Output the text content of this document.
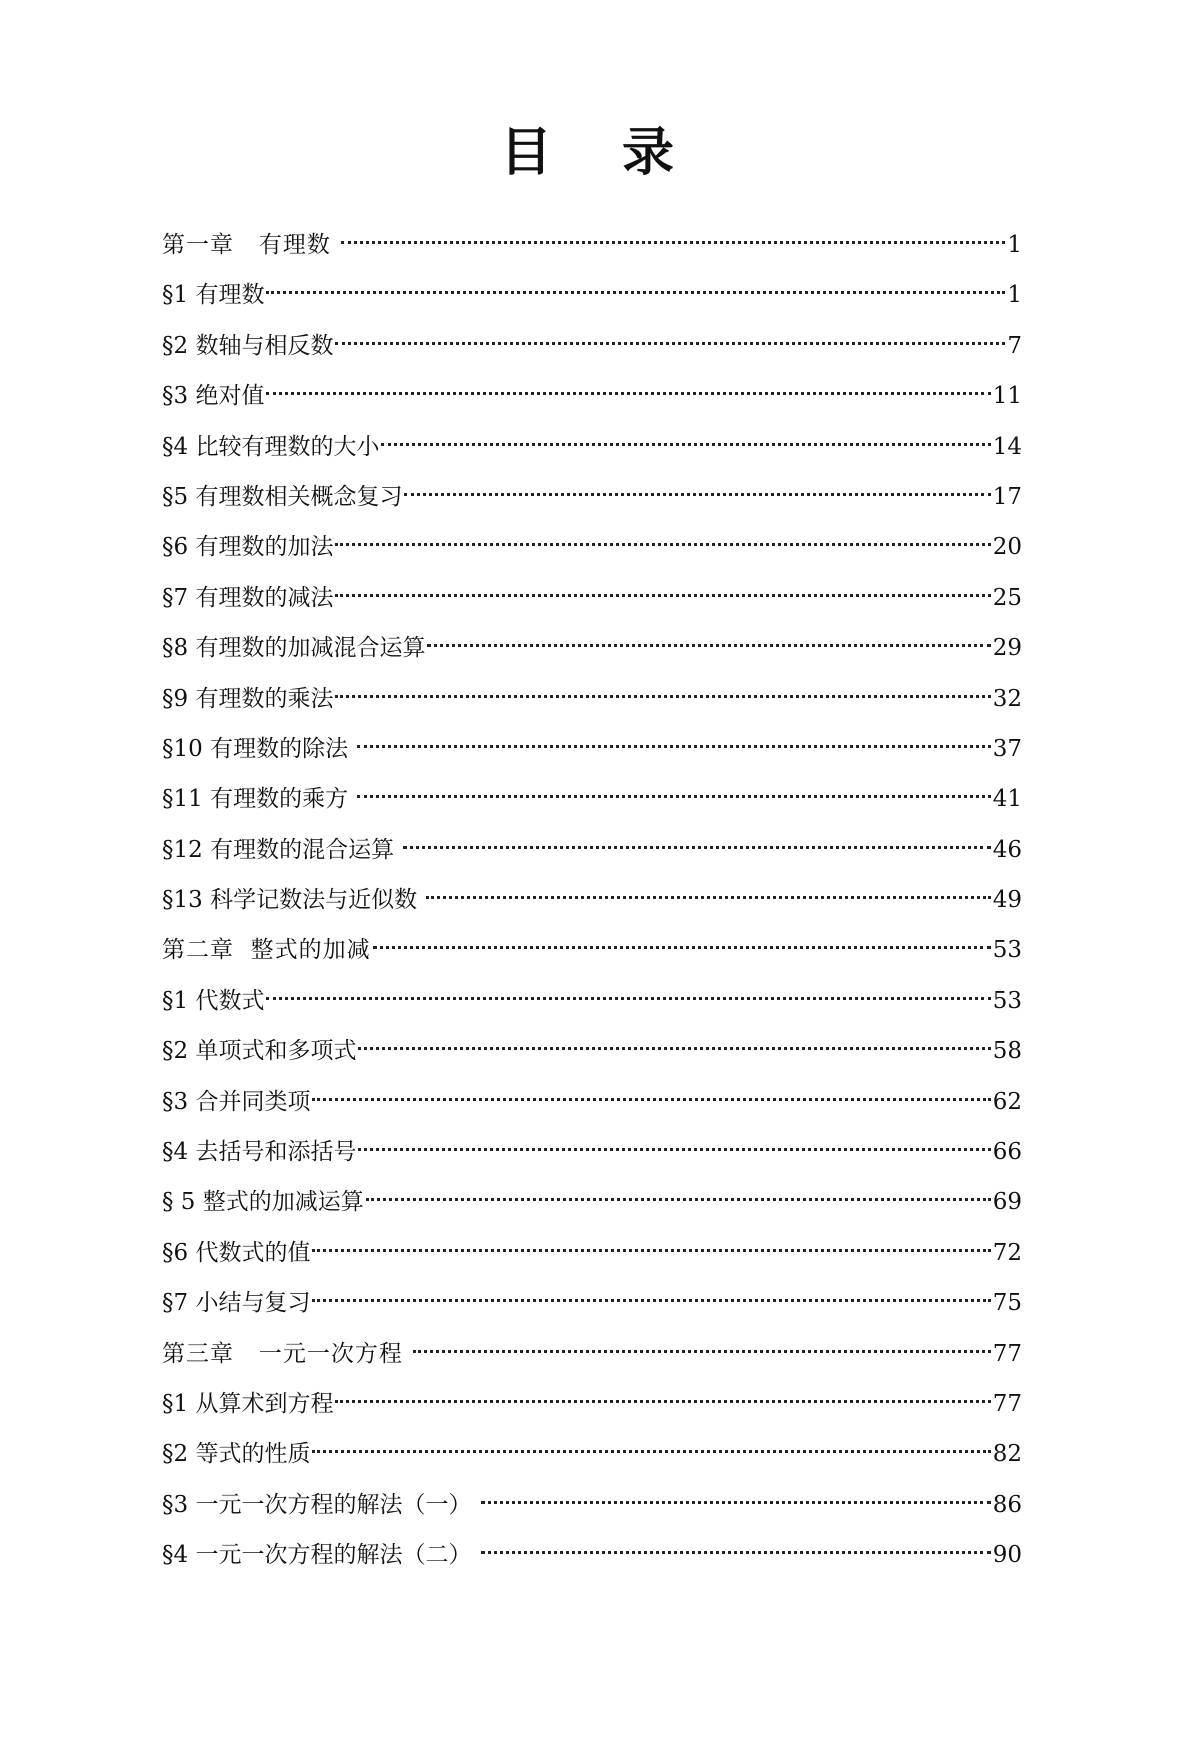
目 录
第一章   有理数	1
§1 有理数	1
§2 数轴与相反数	7
§3 绝对值	11
§4 比较有理数的大小	14
§5 有理数相关概念复习	17
§6 有理数的加法	20
§7 有理数的减法	25
§8 有理数的加减混合运算	29
§9 有理数的乘法	32
§10 有理数的除法	37
§11 有理数的乘方	41
§12 有理数的混合运算	46
§13 科学记数法与近似数	49
第二章  整式的加减	53
§1 代数式	53
§2 单项式和多项式	58
§3 合并同类项	62
§4 去括号和添括号	66
§ 5 整式的加减运算	69
§6 代数式的值	72
§7 小结与复习	75
第三章   一元一次方程	77
§1 从算术到方程	77
§2 等式的性质	82
§3 一元一次方程的解法（一）	86
§4 一元一次方程的解法（二）	90
